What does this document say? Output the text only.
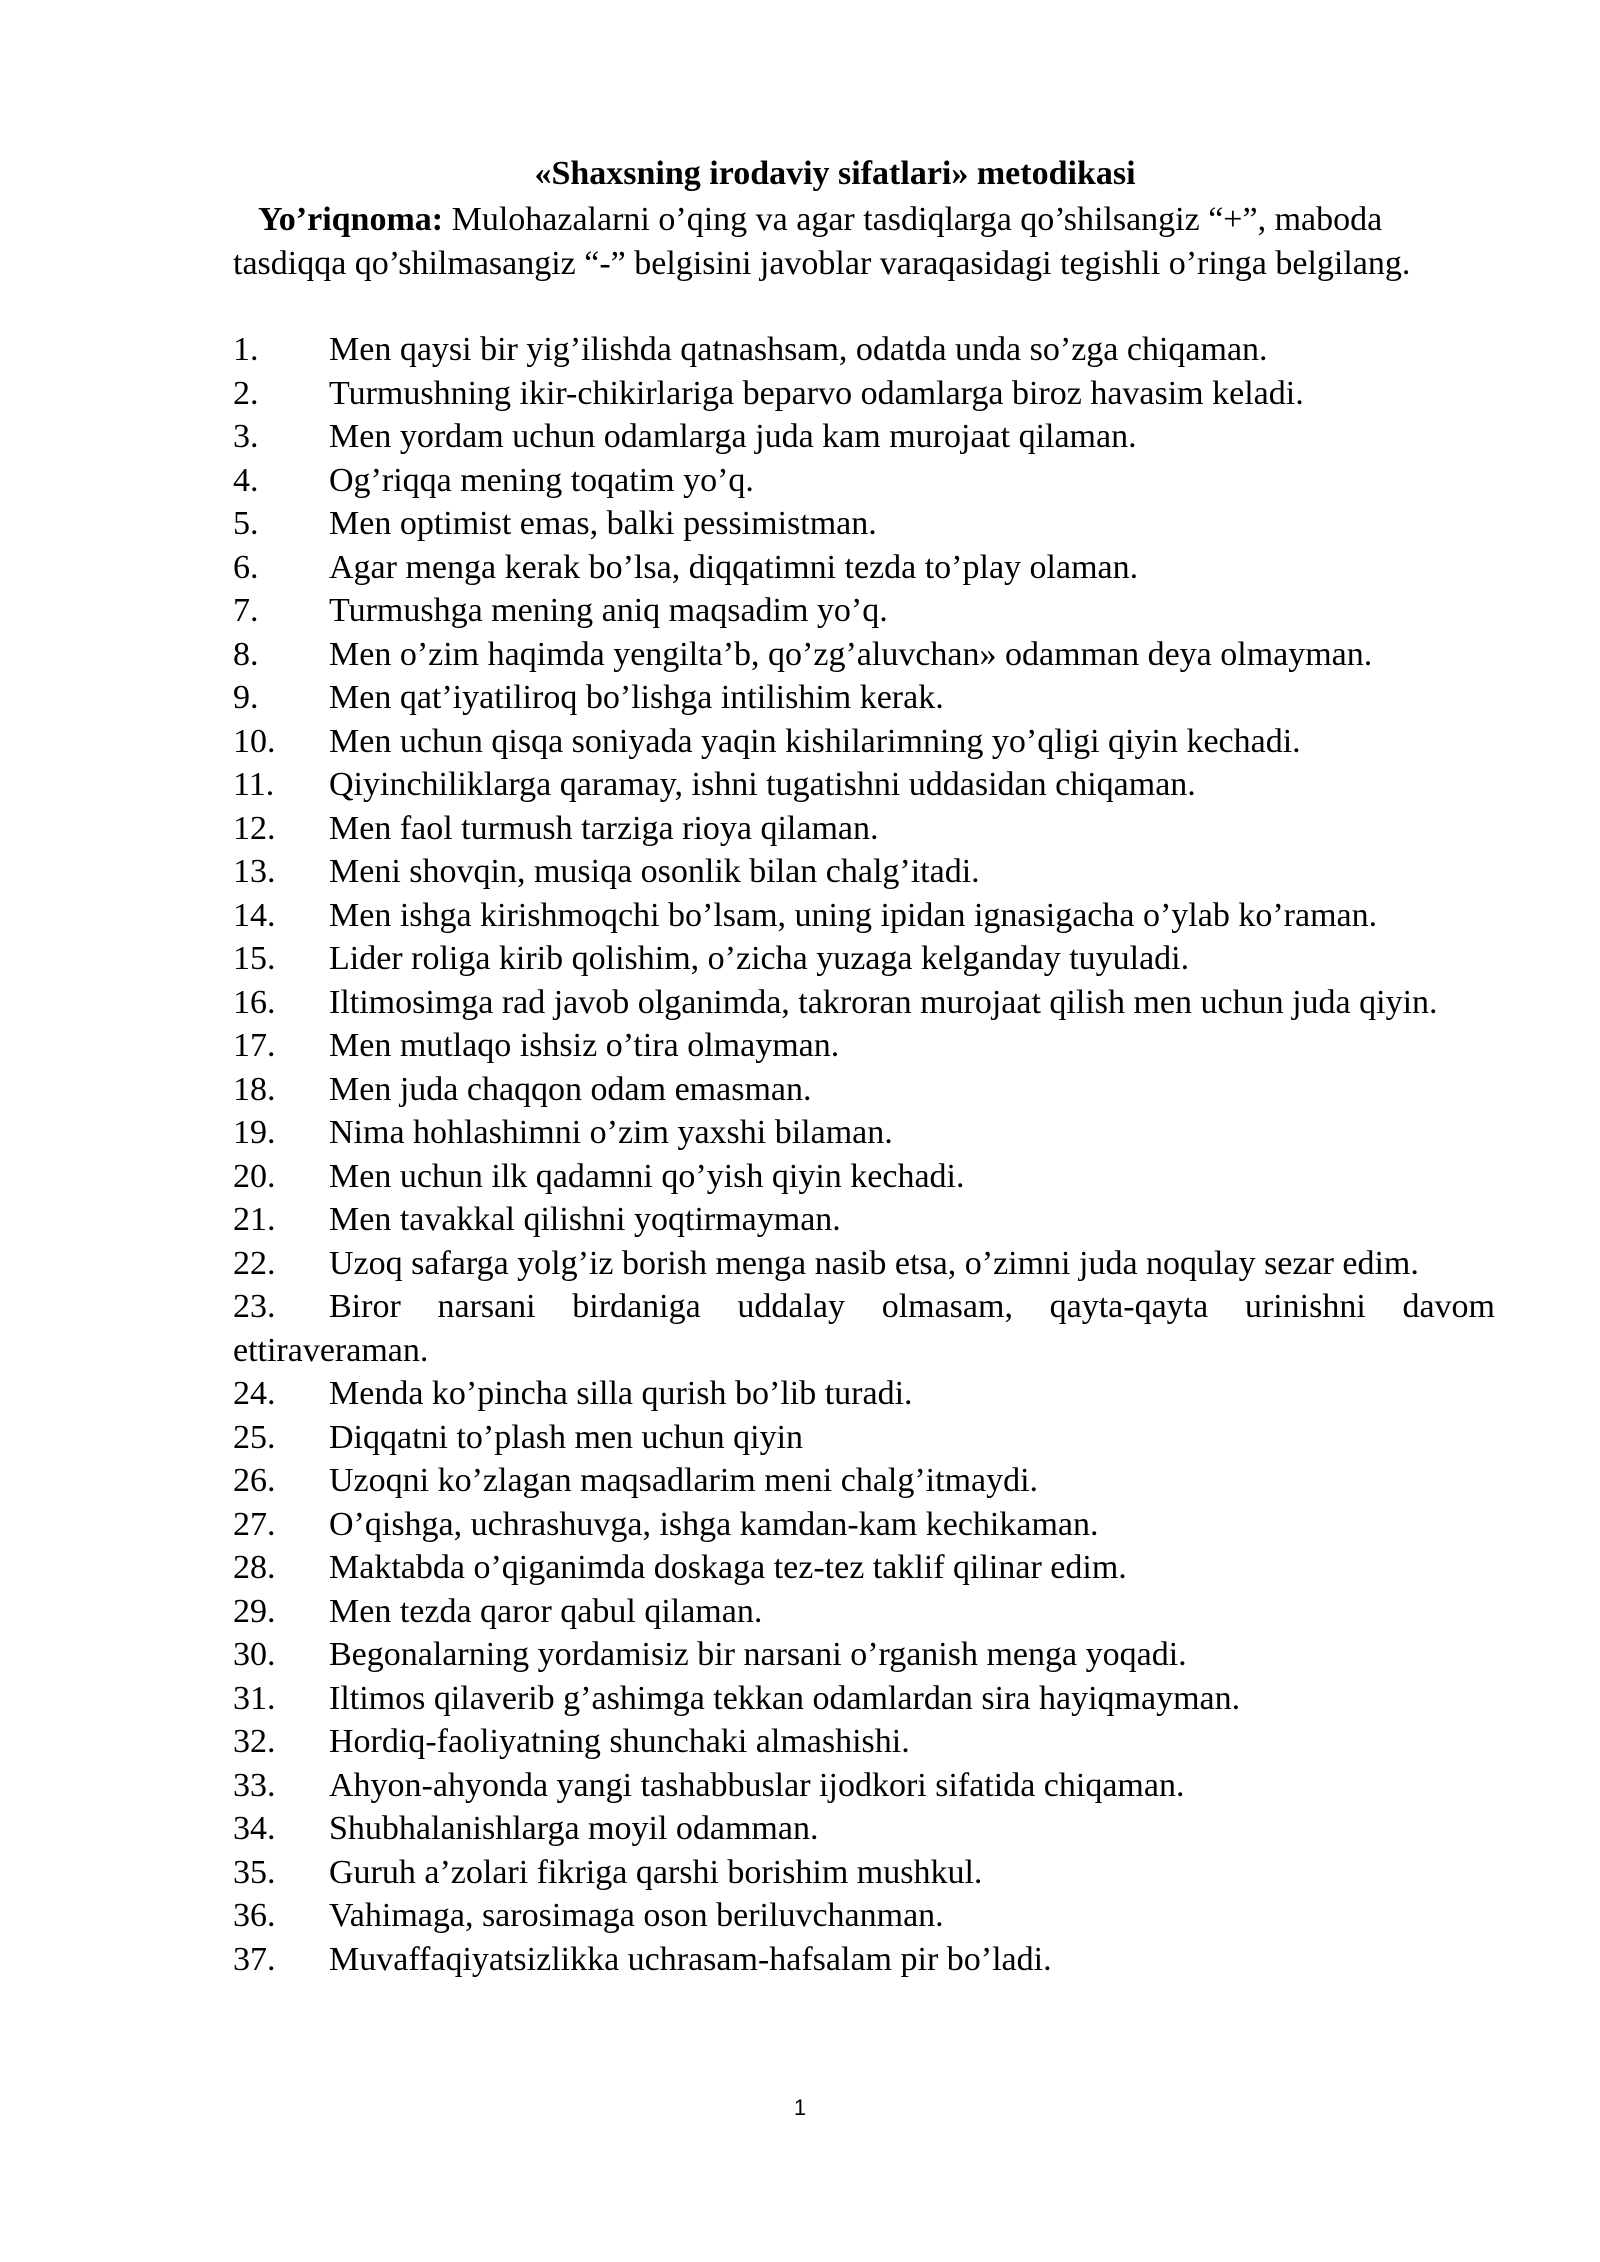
«Shaxsning irodaviy sifatlari» metodikasi
Yo’riqnoma: Mulohazalarni o’qing va agar tasdiqlarga qo’shilsangiz “+”, maboda tasdiqqa qo’shilmasangiz “-” belgisini javoblar varaqasidagi tegishli o’ringa belgilang.
1. Men qaysi bir yig’ilishda qatnashsam, odatda unda so’zga chiqaman.
2. Turmushning ikir-chikirlariga beparvo odamlarga biroz havasim keladi.
3. Men yordam uchun odamlarga juda kam murojaat qilaman.
4. Og’riqqa mening toqatim yo’q.
5. Men optimist emas, balki pessimistman.
6. Agar menga kerak bo’lsa, diqqatimni tezda to’play olaman.
7. Turmushga mening aniq maqsadim yo’q.
8. Men o’zim haqimda yengilta’b, qo’zg’aluvchan» odamman deya olmayman.
9. Men qat’iyatiliroq bo’lishga intilishim kerak.
10. Men uchun qisqa soniyada yaqin kishilarimning yo’qligi qiyin kechadi.
11. Qiyinchiliklarga qaramay, ishni tugatishni uddasidan chiqaman.
12. Men faol turmush tarziga rioya qilaman.
13. Meni shovqin, musiqa osonlik bilan chalg’itadi.
14. Men ishga kirishmoqchi bo’lsam, uning ipidan ignasigacha o’ylab ko’raman.
15. Lider roliga kirib qolishim, o’zicha yuzaga kelganday tuyuladi.
16. Iltimosimga rad javob olganimda, takroran murojaat qilish men uchun juda qiyin.
17. Men mutlaqo ishsiz o’tira olmayman.
18. Men juda chaqqon odam emasman.
19. Nima hohlashimni o’zim yaxshi bilaman.
20. Men uchun ilk qadamni qo’yish qiyin kechadi.
21. Men tavakkal qilishni yoqtirmayman.
22. Uzoq safarga yolg’iz borish menga nasib etsa, o’zimni juda noqulay sezar edim.
23. Biror narsani birdaniga uddalay olmasam, qayta-qayta urinishni davom ettiraveraman.
24. Menda ko’pincha silla qurish bo’lib turadi.
25. Diqqatni to’plash men uchun qiyin
26. Uzoqni ko’zlagan maqsadlarim meni chalg’itmaydi.
27. O’qishga, uchrashuvga, ishga kamdan-kam kechikaman.
28. Maktabda o’qiganimda doskaga tez-tez taklif qilinar edim.
29. Men tezda qaror qabul qilaman.
30. Begonalarning yordamisiz bir narsani o’rganish menga yoqadi.
31. Iltimos qilaverib g’ashimga tekkan odamlardan sira hayiqmayman.
32. Hordiq-faoliyatning shunchaki almashishi.
33. Ahyon-ahyonda yangi tashabbuslar ijodkori sifatida chiqaman.
34. Shubhalanishlarga moyil odamman.
35. Guruh a’zolari fikriga qarshi borishim mushkul.
36. Vahimaga, sarosimaga oson beriluvchanman.
37. Muvaffaqiyatsizlikka uchrasam-hafsalam pir bo’ladi.
1
